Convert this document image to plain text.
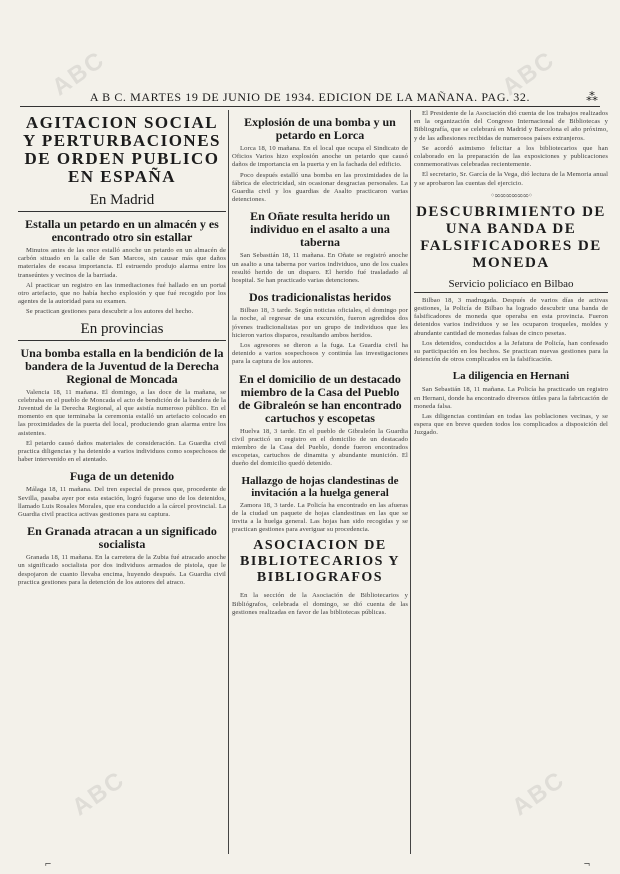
A B C. MARTES 19 DE JUNIO DE 1934. EDICION DE LA MAÑANA. PAG. 32.	⁂
AGITACION SOCIAL Y PERTURBACIONES DE ORDEN PUBLICO EN ESPAÑA
En Madrid
Estalla un petardo en un almacén y es encontrado otro sin estallar

Minutos antes de las once estalló anoche un petardo en un almacén de carbón situado en la calle de San Marcos, sin causar más que daños materiales de escasa importancia. El estruendo produjo alarma entre los transeúntes y vecinos de la barriada.

Al practicar un registro en las inmediaciones fué hallado en un portal otro artefacto, que no había hecho explosión y que fué recogido por los agentes de la autoridad para su examen.

Se practican gestiones para descubrir a los autores del hecho.

En provincias
Una bomba estalla en la bendición de la bandera de la Juventud de la Derecha Regional de Moncada

Valencia 18, 11 mañana. El domingo, a las doce de la mañana, se celebraba en el pueblo de Moncada el acto de bendición de la bandera de la Juventud de la Derecha Regional, al que asistía numeroso público. En el momento en que terminaba la ceremonia estalló un artefacto colocado en las proximidades de la puerta del local, produciendo gran alarma entre los asistentes.

El petardo causó daños materiales de consideración. La Guardia civil practica diligencias y ha detenido a varios individuos como sospechosos de haber intervenido en el atentado.

Fuga de un detenido

Málaga 18, 11 mañana. Del tren especial de presos que, procedente de Sevilla, pasaba ayer por esta estación, logró fugarse uno de los detenidos, llamado Luis Rosales Morales, que era conducido a la cárcel provincial. La Guardia civil practica activas gestiones para su captura.

En Granada atracan a un significado socialista

Granada 18, 11 mañana. En la carretera de la Zubia fué atracado anoche un significado socialista por dos individuos armados de pistola, que le despojaron de cuanto llevaba encima, huyendo después. La Guardia civil practica gestiones para la detención de los autores del atraco.

Explosión de una bomba y un petardo en Lorca

Lorca 18, 10 mañana. En el local que ocupa el Sindicato de Oficios Varios hizo explosión anoche un petardo que causó daños de importancia en la puerta y en la fachada del edificio.

Poco después estalló una bomba en las proximidades de la fábrica de electricidad, sin ocasionar desgracias personales. La Guardia civil y los guardias de Asalto practicaron varias detenciones.

En Oñate resulta herido un individuo en el asalto a una taberna

San Sebastián 18, 11 mañana. En Oñate se registró anoche un asalto a una taberna por varios individuos, uno de los cuales resultó herido de un disparo. El herido fué trasladado al hospital. Se han practicado varias detenciones.

Dos tradicionalistas heridos

Bilbao 18, 3 tarde. Según noticias oficiales, el domingo por la noche, al regresar de una excursión, fueron agredidos dos jóvenes tradicionalistas por un grupo de individuos que les hicieron varios disparos, resultando ambos heridos.

Los agresores se dieron a la fuga. La Guardia civil ha detenido a varios sospechosos y continúa las investigaciones para la captura de los autores.

En el domicilio de un destacado miembro de la Casa del Pueblo de Gibraleón se han encontrado cartuchos y escopetas

Huelva 18, 3 tarde. En el pueblo de Gibraleón la Guardia civil practicó un registro en el domicilio de un destacado miembro de la Casa del Pueblo, donde fueron encontrados escopetas, cartuchos de dinamita y abundante munición. El dueño del domicilio quedó detenido.

Hallazgo de hojas clandestinas de invitación a la huelga general

Zamora 18, 3 tarde. La Policía ha encontrado en las afueras de la ciudad un paquete de hojas clandestinas en las que se invita a la huelga general. Las hojas han sido recogidas y se practican gestiones para averiguar su procedencia.

ASOCIACION DE BIBLIOTECARIOS Y BIBLIOGRAFOS

En la sección de la Asociación de Bibliotecarios y Bibliógrafos, celebrada el domingo, se dió cuenta de las gestiones realizadas en favor de las bibliotecas públicas.

El Presidente de la Asociación dió cuenta de los trabajos realizados en la organización del Congreso Internacional de Bibliotecas y Bibliografía, que se celebrará en Madrid y Barcelona el año próximo, y de las adhesiones recibidas de numerosos países extranjeros.

Se acordó asimismo felicitar a los bibliotecarios que han colaborado en la preparación de las exposiciones y publicaciones conmemorativas celebradas recientemente.

El secretario, Sr. García de la Vega, dió lectura de la Memoria anual y se aprobaron las cuentas del ejercicio.

◦∞∞∞∞∞∞◦
DESCUBRIMIENTO DE UNA BANDA DE FALSIFICADORES DE MONEDA
Servicio policíaco en Bilbao

Bilbao 18, 3 madrugada. Después de varios días de activas gestiones, la Policía de Bilbao ha logrado descubrir una banda de falsificadores de moneda que operaba en esta provincia. Fueron detenidos varios individuos y se les ocuparon troqueles, moldes y abundante cantidad de monedas falsas de cinco pesetas.

Los detenidos, conducidos a la Jefatura de Policía, han confesado su participación en los hechos. Se practican nuevas gestiones para la detención de otros complicados en la falsificación.

La diligencia en Hernani

San Sebastián 18, 11 mañana. La Policía ha practicado un registro en Hernani, donde ha encontrado diversos útiles para la fabricación de moneda falsa.

Las diligencias continúan en todas las poblaciones vecinas, y se espera que en breve queden todos los complicados a disposición del Juzgado.

ABC	ABC
ABC	ABC
⌐	¬
